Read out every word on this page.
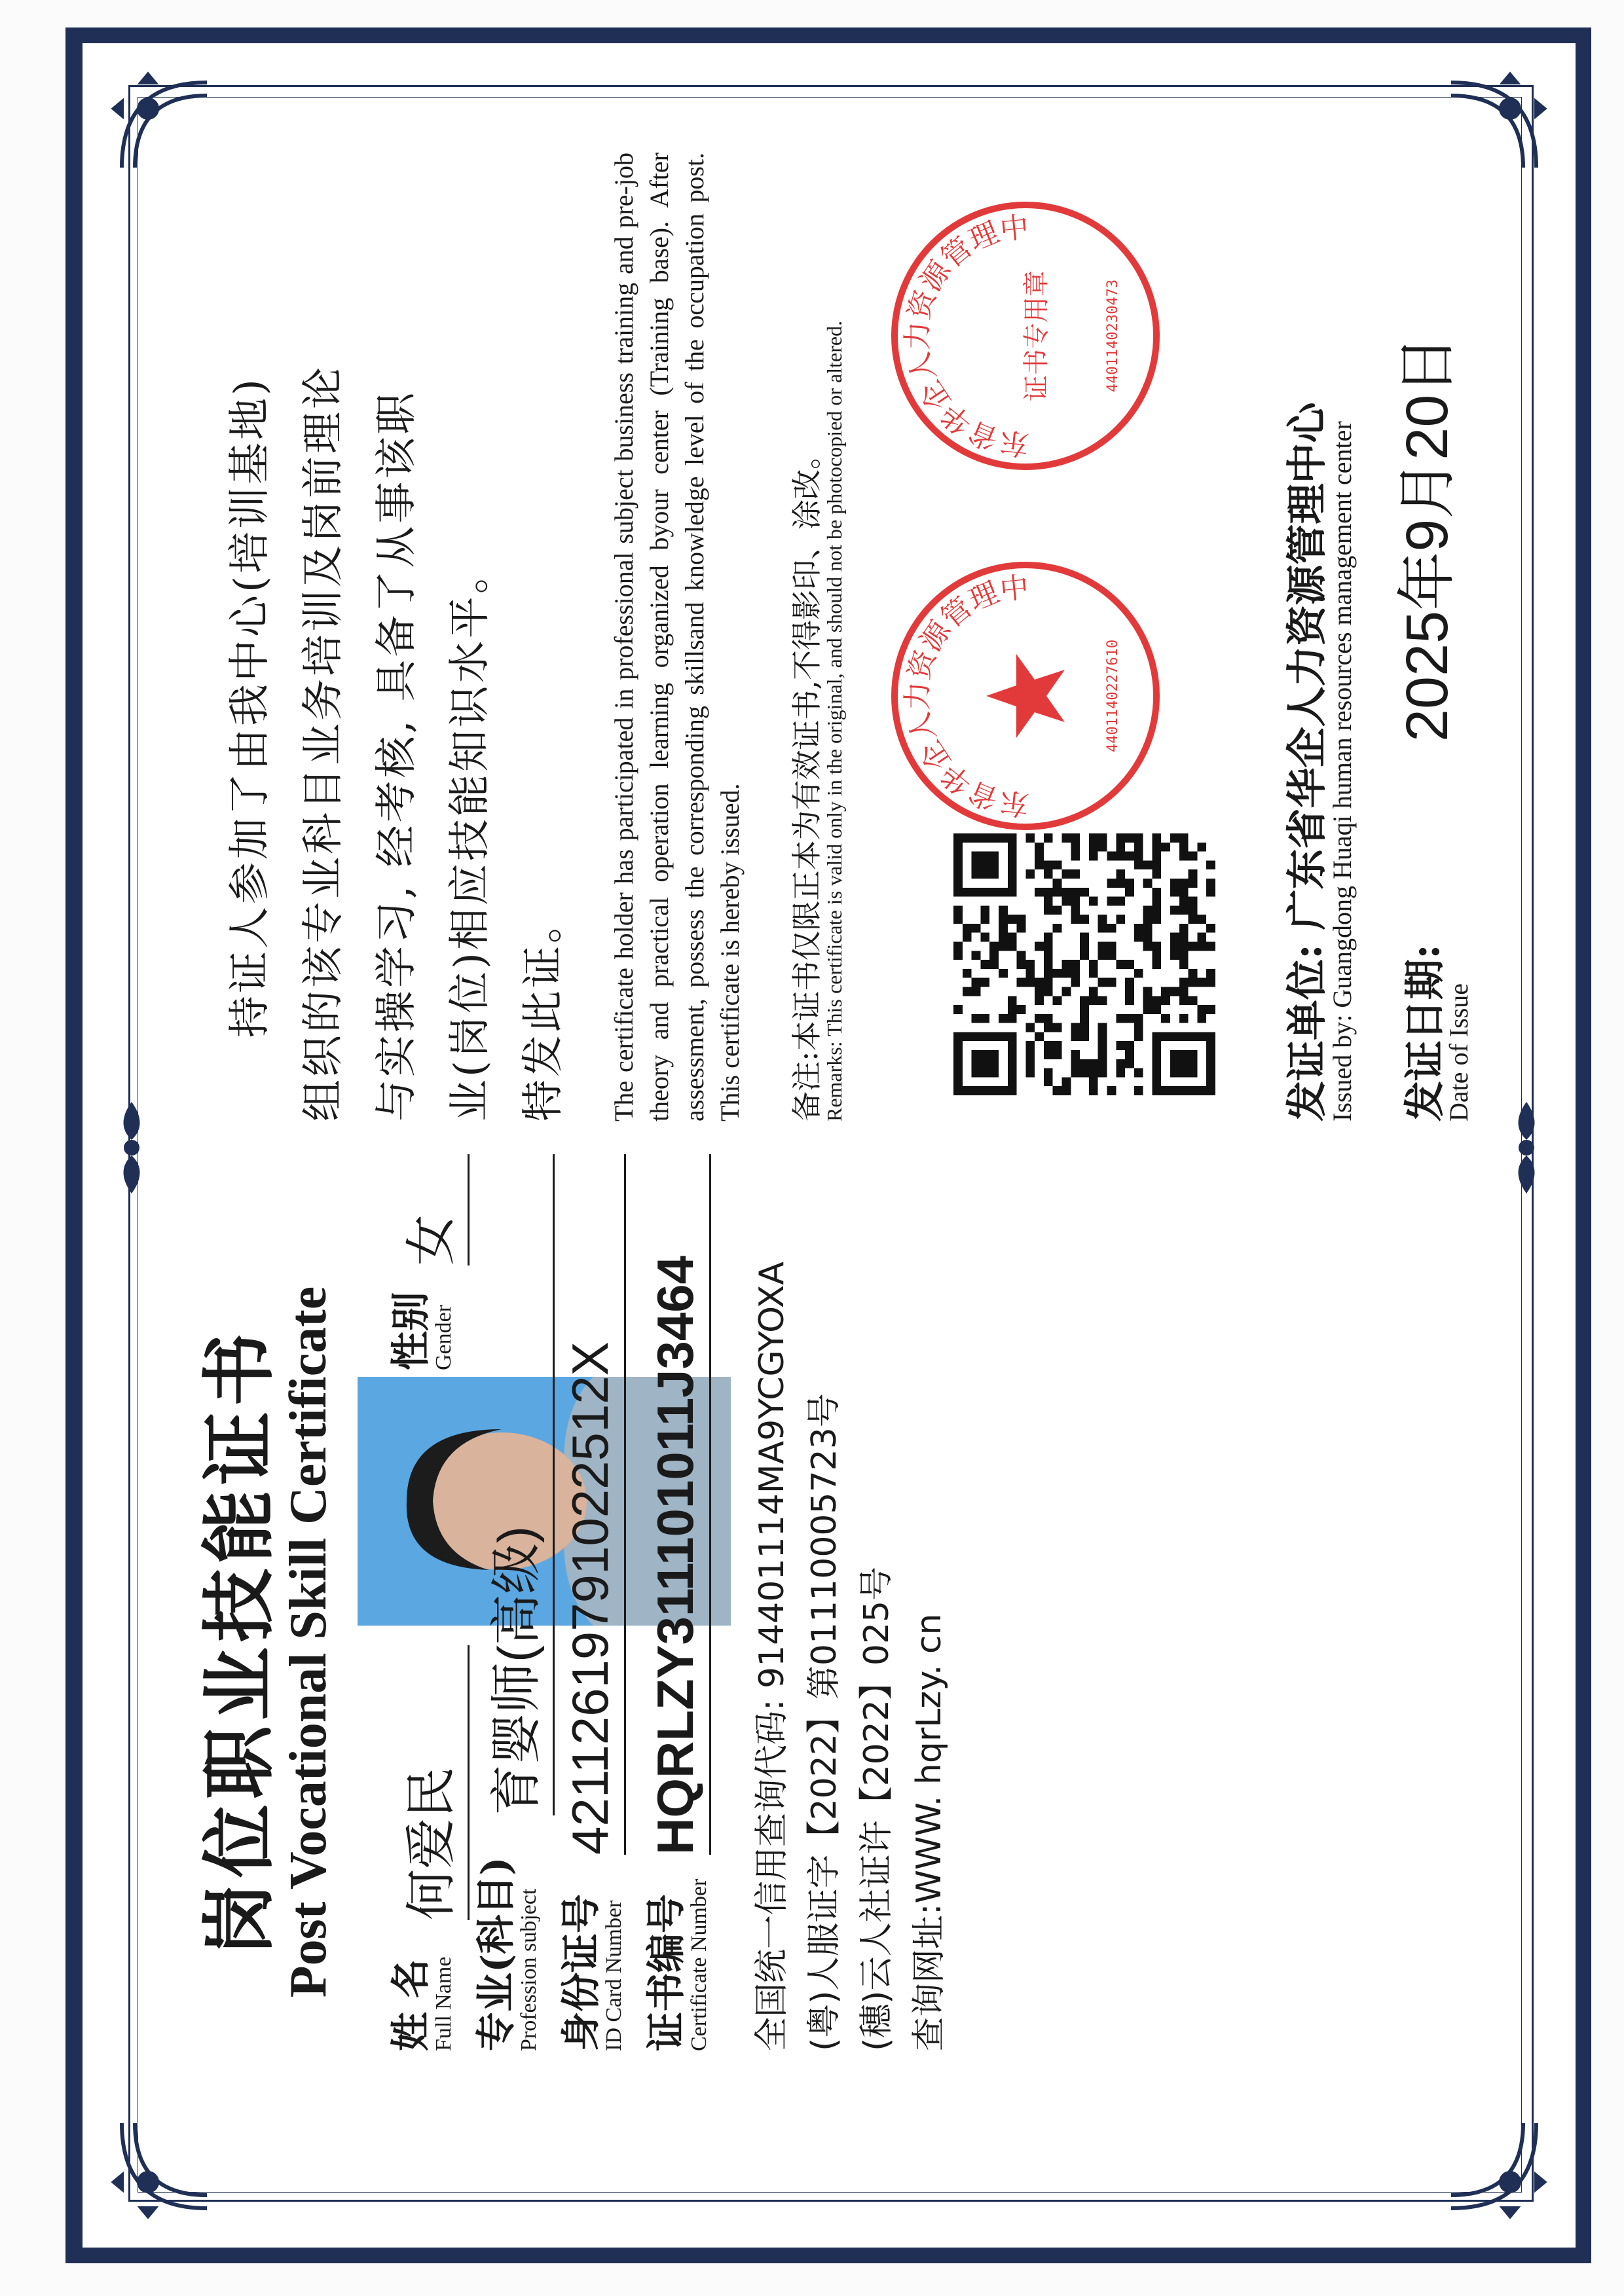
岗位职业技能证书
Post Vocational Skill Certificate
姓 名
Full Name
何爱民
性别
Gender
女
专业(科目)
Profession subject
育婴师(高级)
身份证号
ID Card Number
42112619791022512X
证书编号
Certificate Number
HQRLZY311101011J3464 全国统一信用查询代码: 914401114MA9YCGYOXA (粤)人服证字【2022】第01110005723号 (穗)云人社证许【2022】025号 查询网址:WWW. hqrLzy. cn
持证人参加了由我中心(培训基地) 组织的该专业科目业务培训及岗前理论 与实操学习, 经考核, 具备了从事该职 业(岗位)相应技能知识水平。 特发此证。	The certificate holder has participated in professional subject business training and pre-job theory and practical operation learning organized byour center (Training base). After assessment, possess the corresponding skillsand knowledge level of the occupation post. This certificate is hereby issued. 备注:本证书仅限正本为有效证书,不得影印、涂改。
Remarks: This certificate is valid only in the original, and should not be photocopied or altered.	东省华企人力资源管理中
4401140227610
东省华企人力资源管理中
证书专用章	4401140230473
发证单位: 广东省华企人力资源管理中心
Issued by: Guangdong Huaqi human resources management center
发证日期:
Date of Issue
2025年9月20日
